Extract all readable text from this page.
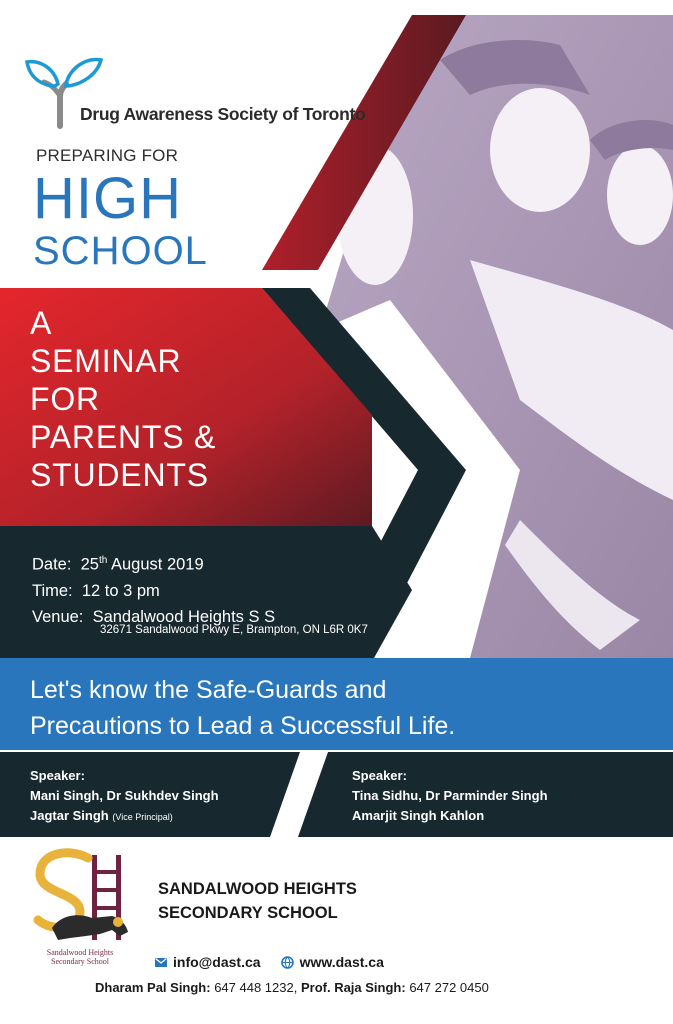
Drug Awareness Society of Toronto
PREPARING FOR
HIGH
SCHOOL
A
SEMINAR
FOR
PARENTS &
STUDENTS
Date: 25th August 2019
Time: 12 to 3 pm
Venue: Sandalwood Heights S S
32671 Sandalwood Pkwy E, Brampton, ON L6R 0K7
Let's know the Safe-Guards and
Precautions to Lead a Successful Life.
Speaker:
Mani Singh, Dr Sukhdev Singh
Jagtar Singh (Vice Principal)
Speaker:
Tina Sidhu, Dr Parminder Singh
Amarjit Singh Kahlon
SANDALWOOD HEIGHTS
SECONDARY SCHOOL
Sandalwood Heights
Secondary School	info@dast.ca	www.dast.ca
Dharam Pal Singh: 647 448 1232, Prof. Raja Singh: 647 272 0450
